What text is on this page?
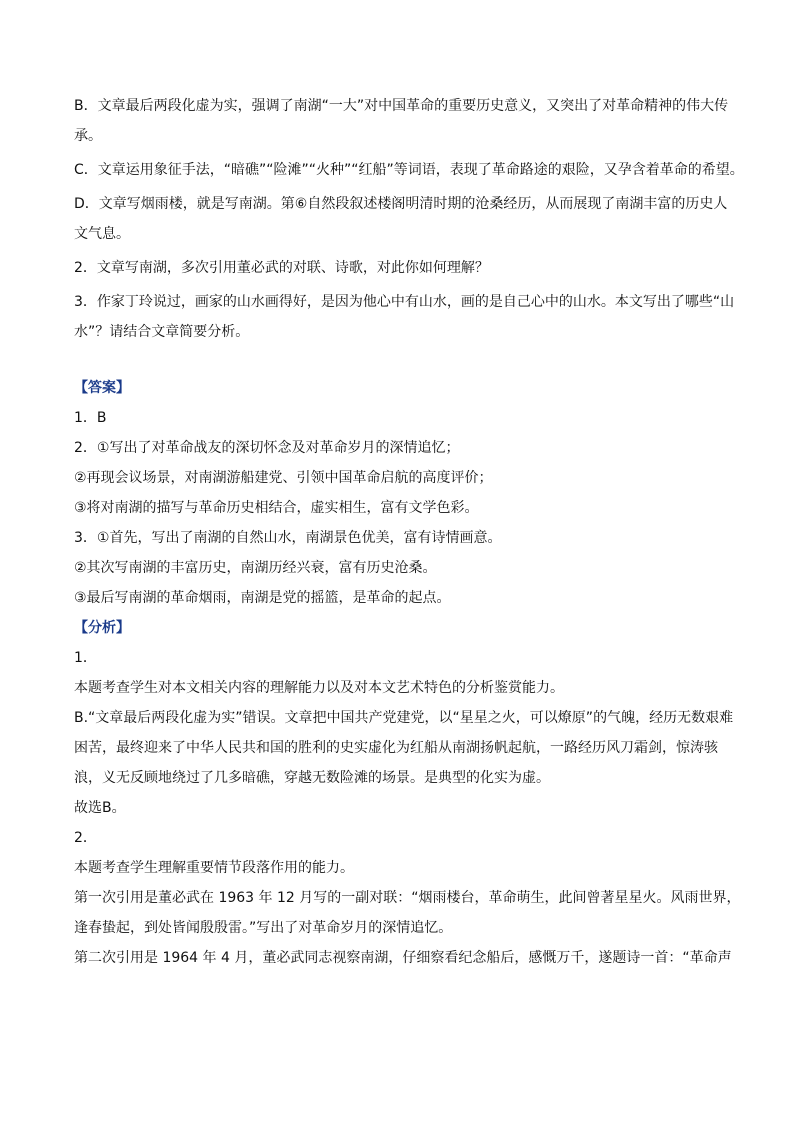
B．文章最后两段化虚为实，强调了南湖“一大”对中国革命的重要历史意义，又突出了对革命精神的伟大传
承。
C．文章运用象征手法，“暗礁”“险滩”“火种”“红船”等词语，表现了革命路途的艰险，又孕含着革命的希望。
D．文章写烟雨楼，就是写南湖。第⑥自然段叙述楼阁明清时期的沧桑经历，从而展现了南湖丰富的历史人
文气息。
2．文章写南湖，多次引用董必武的对联、诗歌，对此你如何理解？
3．作家丁玲说过，画家的山水画得好，是因为他心中有山水，画的是自己心中的山水。本文写出了哪些“山
水”？请结合文章简要分析。
【答案】
1．B
2．①写出了对革命战友的深切怀念及对革命岁月的深情追忆；
②再现会议场景，对南湖游船建党、引领中国革命启航的高度评价；
③将对南湖的描写与革命历史相结合，虚实相生，富有文学色彩。
3．①首先，写出了南湖的自然山水，南湖景色优美，富有诗情画意。
②其次写南湖的丰富历史，南湖历经兴衰，富有历史沧桑。
③最后写南湖的革命烟雨，南湖是党的摇篮，是革命的起点。
【分析】
1．
本题考查学生对本文相关内容的理解能力以及对本文艺术特色的分析鉴赏能力。
B.“文章最后两段化虚为实”错误。文章把中国共产党建党，以“星星之火，可以燎原”的气魄，经历无数艰难
困苦，最终迎来了中华人民共和国的胜利的史实虚化为红船从南湖扬帆起航，一路经历风刀霜剑，惊涛骇
浪，义无反顾地绕过了几多暗礁，穿越无数险滩的场景。是典型的化实为虚。
故选B。
2．
本题考查学生理解重要情节段落作用的能力。
第一次引用是董必武在 1963 年 12 月写的一副对联：“烟雨楼台，革命萌生，此间曾著星星火。风雨世界，
逢春蛰起，到处皆闻殷殷雷。”写出了对革命岁月的深情追忆。
第二次引用是 1964 年 4 月，董必武同志视察南湖，仔细察看纪念船后，感慨万千，遂题诗一首：“革命声
